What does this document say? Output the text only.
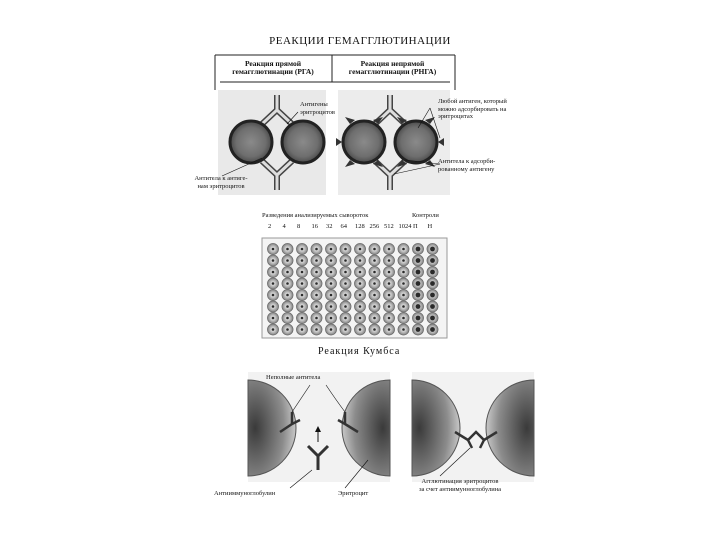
РЕАКЦИИ ГЕМАГГЛЮТИНАЦИИ
Реакция прямой
гемагглютинации (РГА)
Реакция непрямой
гемагглютинации (РНГА)
Антигены
эритроцитов
Антитела к антиге-
нам эритроцитов
Любой антиген, который
можно адсорбировать на
эритроцитах
Антитела к адсорби-
рованному антигену
Разведения анализируемых сывороток	Контроли
2 4 8 16 32 64 128 256 512 1024 П Н
Реакция Кумбса
Неполные антитела
Антииммуноглобулин	Эритроцит
Агглютинация эритроцитов
за счет антиимунноглобулина
